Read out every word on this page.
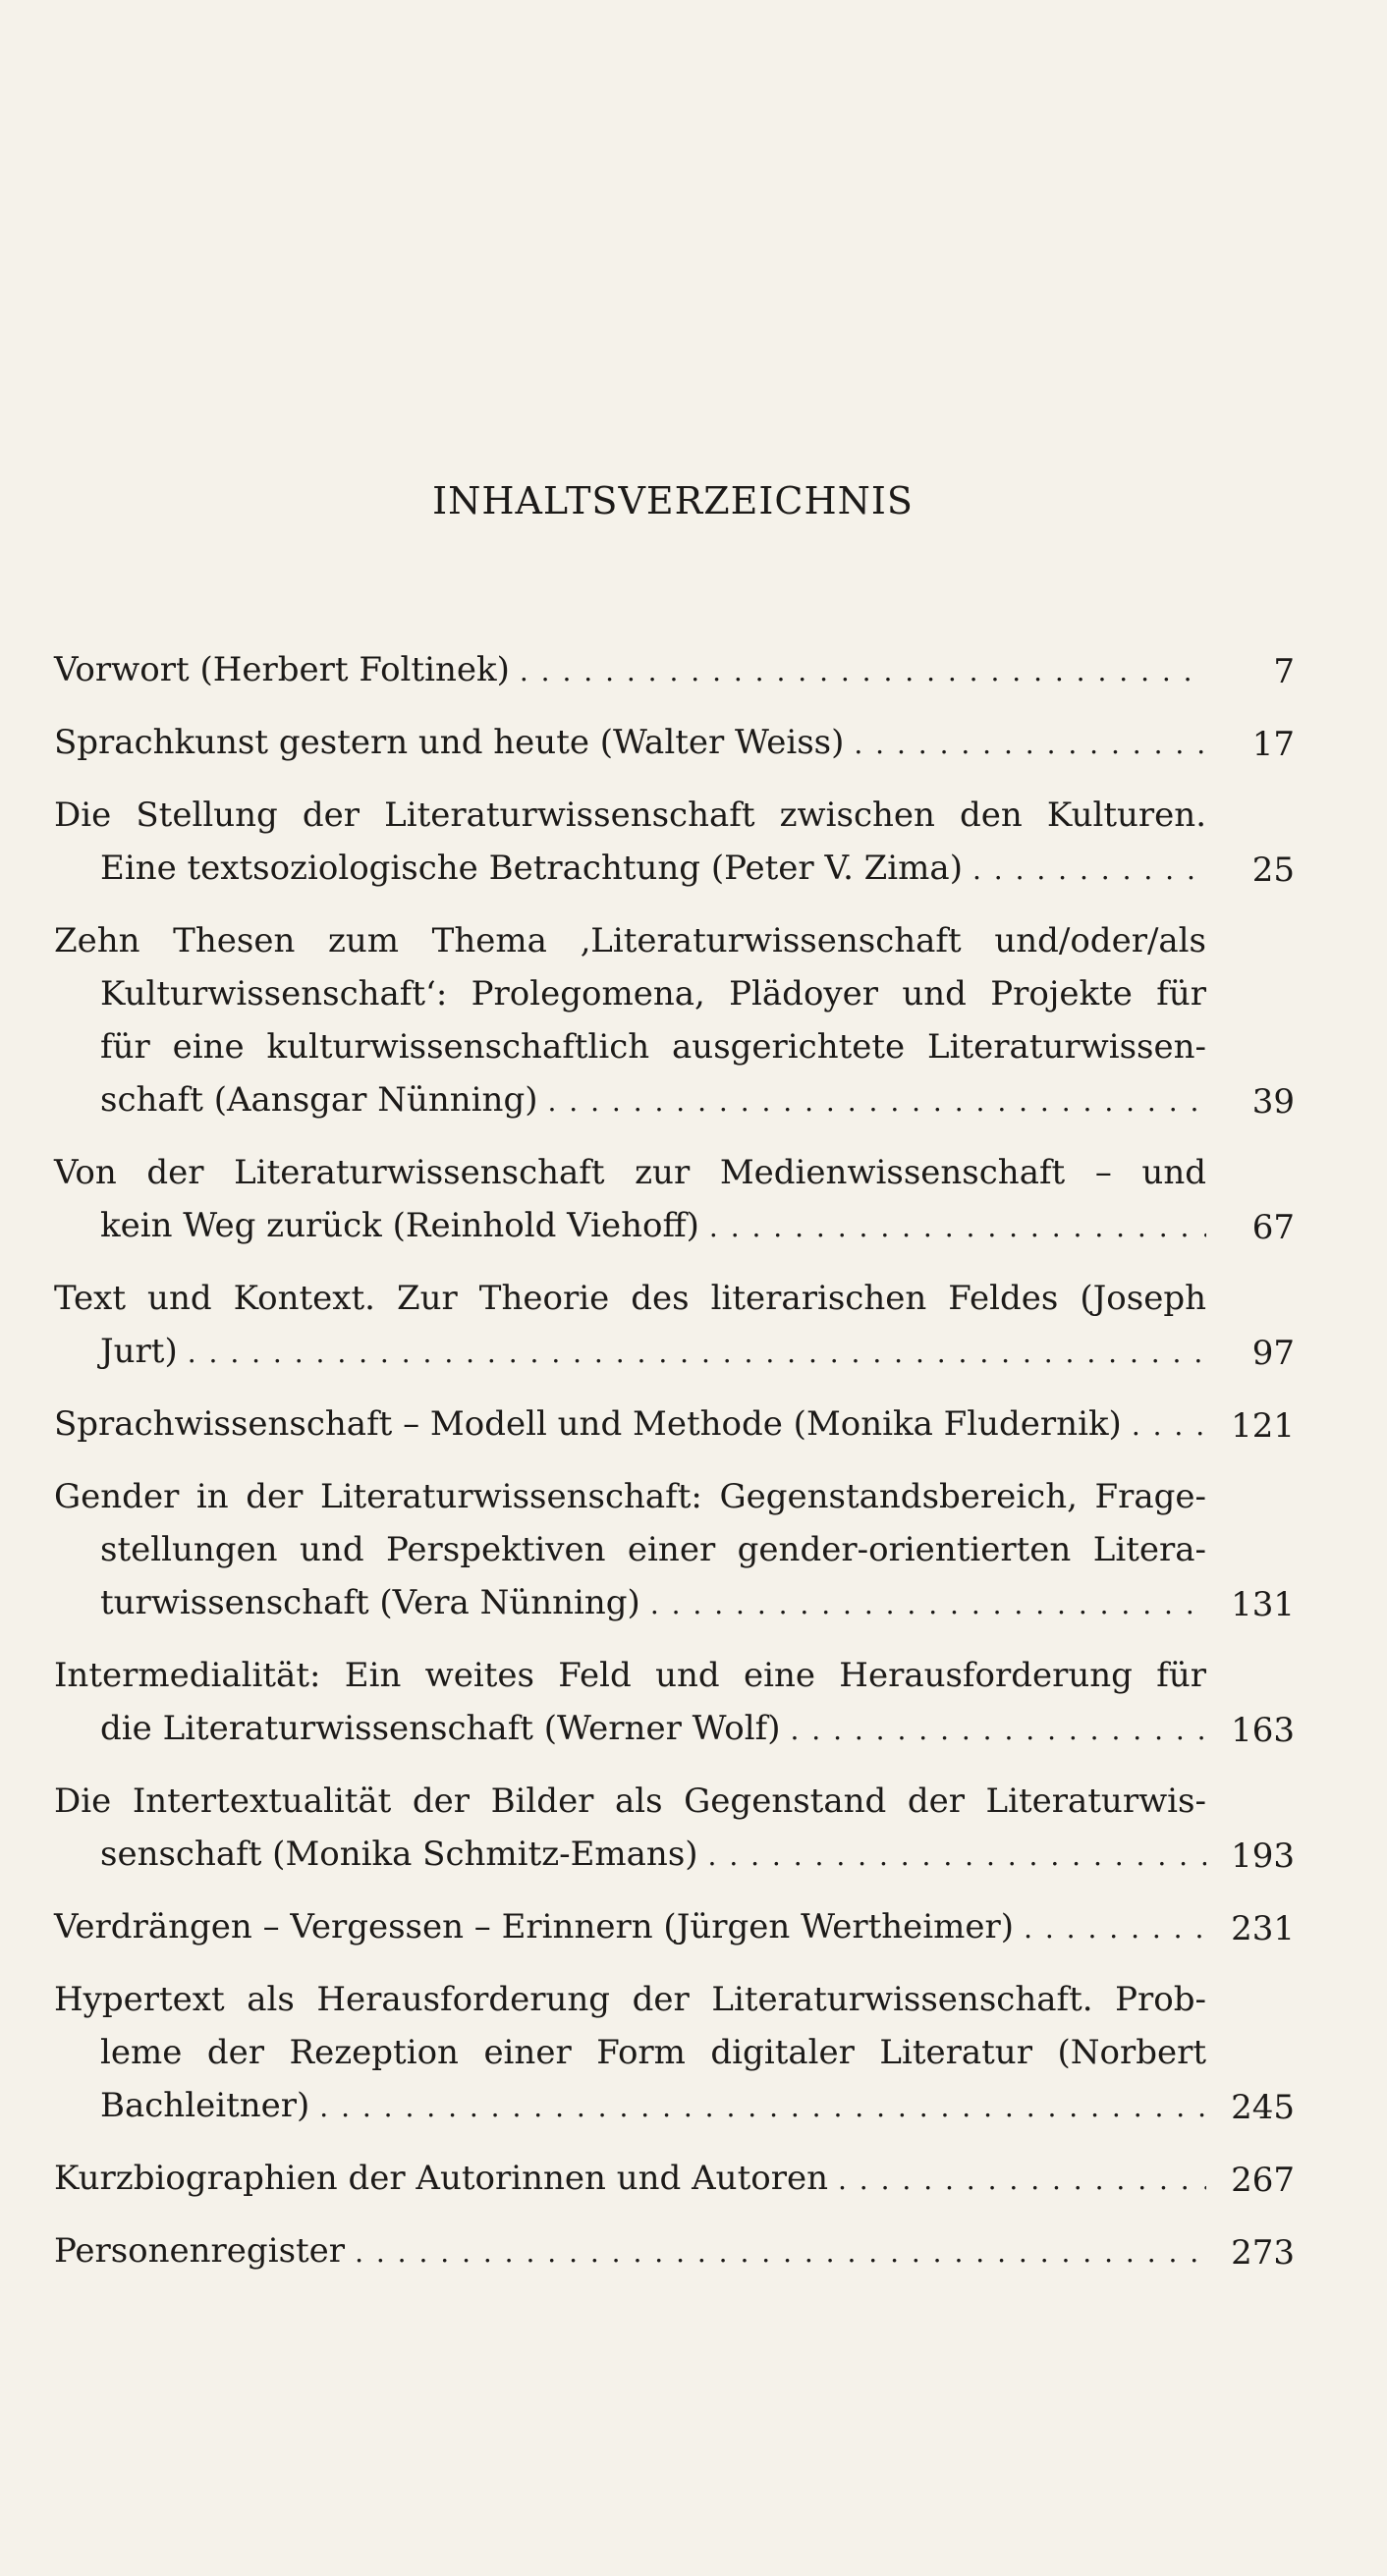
INHALTSVERZEICHNIS
Vorwort (Herbert Foltinek) . . .	7
Sprachkunst gestern und heute (Walter Weiss) . . .	17
Die Stellung der Literaturwissenschaft zwischen den Kulturen.
Eine textsoziologische Betrachtung (Peter V. Zima) . . .	25
Zehn Thesen zum Thema ‚Literaturwissenschaft und/oder/als
Kulturwissenschaft‘: Prolegomena, Plädoyer und Projekte für
für eine kulturwissenschaftlich ausgerichtete Literaturwissen-
schaft (Aansgar Nünning) . . .	39
Von der Literaturwissenschaft zur Medienwissenschaft – und
kein Weg zurück (Reinhold Viehoff) . . .	67
Text und Kontext. Zur Theorie des literarischen Feldes (Joseph
Jurt) . . .	97
Sprachwissenschaft – Modell und Methode (Monika Fludernik) . . .	121
Gender in der Literaturwissenschaft: Gegenstandsbereich, Frage-
stellungen und Perspektiven einer gender-orientierten Litera-
turwissenschaft (Vera Nünning) . . .	131
Intermedialität: Ein weites Feld und eine Herausforderung für
die Literaturwissenschaft (Werner Wolf) . . .	163
Die Intertextualität der Bilder als Gegenstand der Literaturwis-
senschaft (Monika Schmitz-Emans) . . .	193
Verdrängen – Vergessen – Erinnern (Jürgen Wertheimer) . . .	231
Hypertext als Herausforderung der Literaturwissenschaft. Prob-
leme der Rezeption einer Form digitaler Literatur (Norbert
Bachleitner) . . .	245
Kurzbiographien der Autorinnen und Autoren . . .	267
Personenregister . . .	273
